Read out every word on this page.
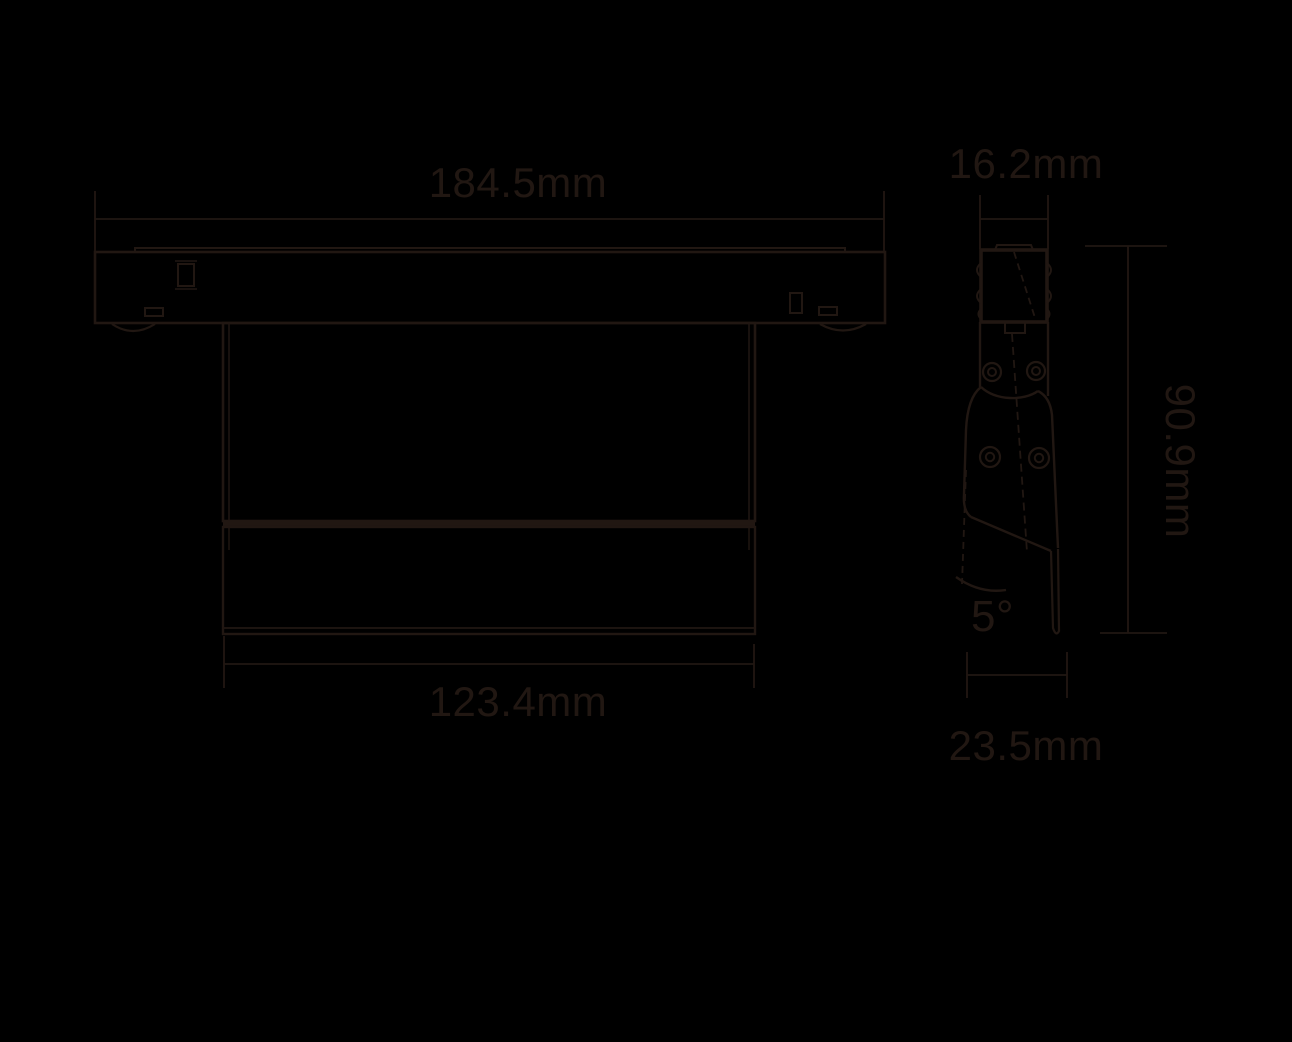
184.5mm
123.4mm
16.2mm
5°
90.9mm
23.5mm
